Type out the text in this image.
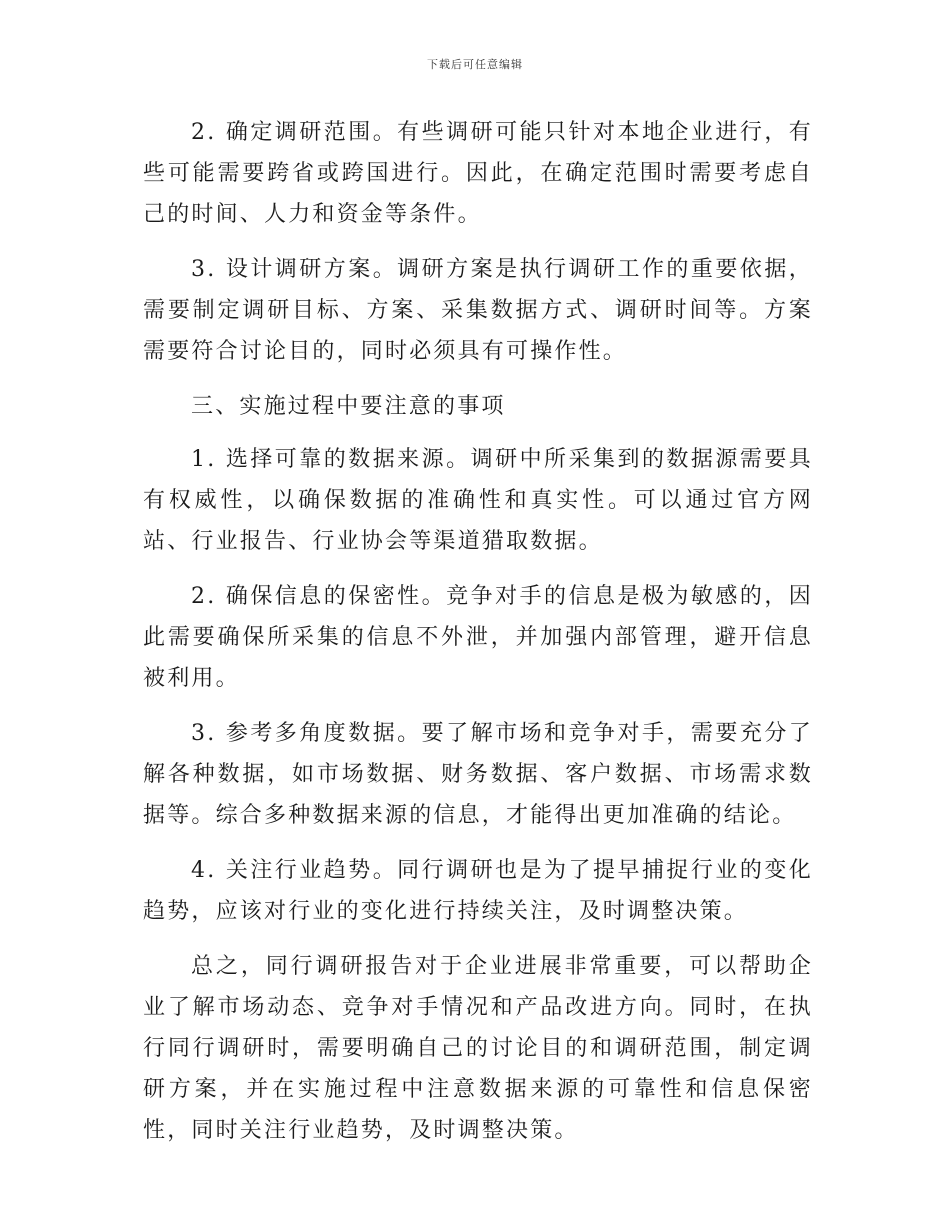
下载后可任意编辑

2. 确定调研范围。有些调研可能只针对本地企业进行，有些可能需要跨省或跨国进行。因此，在确定范围时需要考虑自己的时间、人力和资金等条件。

3. 设计调研方案。调研方案是执行调研工作的重要依据，需要制定调研目标、方案、采集数据方式、调研时间等。方案需要符合讨论目的，同时必须具有可操作性。

三、实施过程中要注意的事项

1. 选择可靠的数据来源。调研中所采集到的数据源需要具有权威性，以确保数据的准确性和真实性。可以通过官方网站、行业报告、行业协会等渠道猎取数据。

2. 确保信息的保密性。竞争对手的信息是极为敏感的，因此需要确保所采集的信息不外泄，并加强内部管理，避开信息被利用。

3. 参考多角度数据。要了解市场和竞争对手，需要充分了解各种数据，如市场数据、财务数据、客户数据、市场需求数据等。综合多种数据来源的信息，才能得出更加准确的结论。

4. 关注行业趋势。同行调研也是为了提早捕捉行业的变化趋势，应该对行业的变化进行持续关注，及时调整决策。

总之，同行调研报告对于企业进展非常重要，可以帮助企业了解市场动态、竞争对手情况和产品改进方向。同时，在执行同行调研时，需要明确自己的讨论目的和调研范围，制定调研方案，并在实施过程中注意数据来源的可靠性和信息保密性，同时关注行业趋势，及时调整决策。
